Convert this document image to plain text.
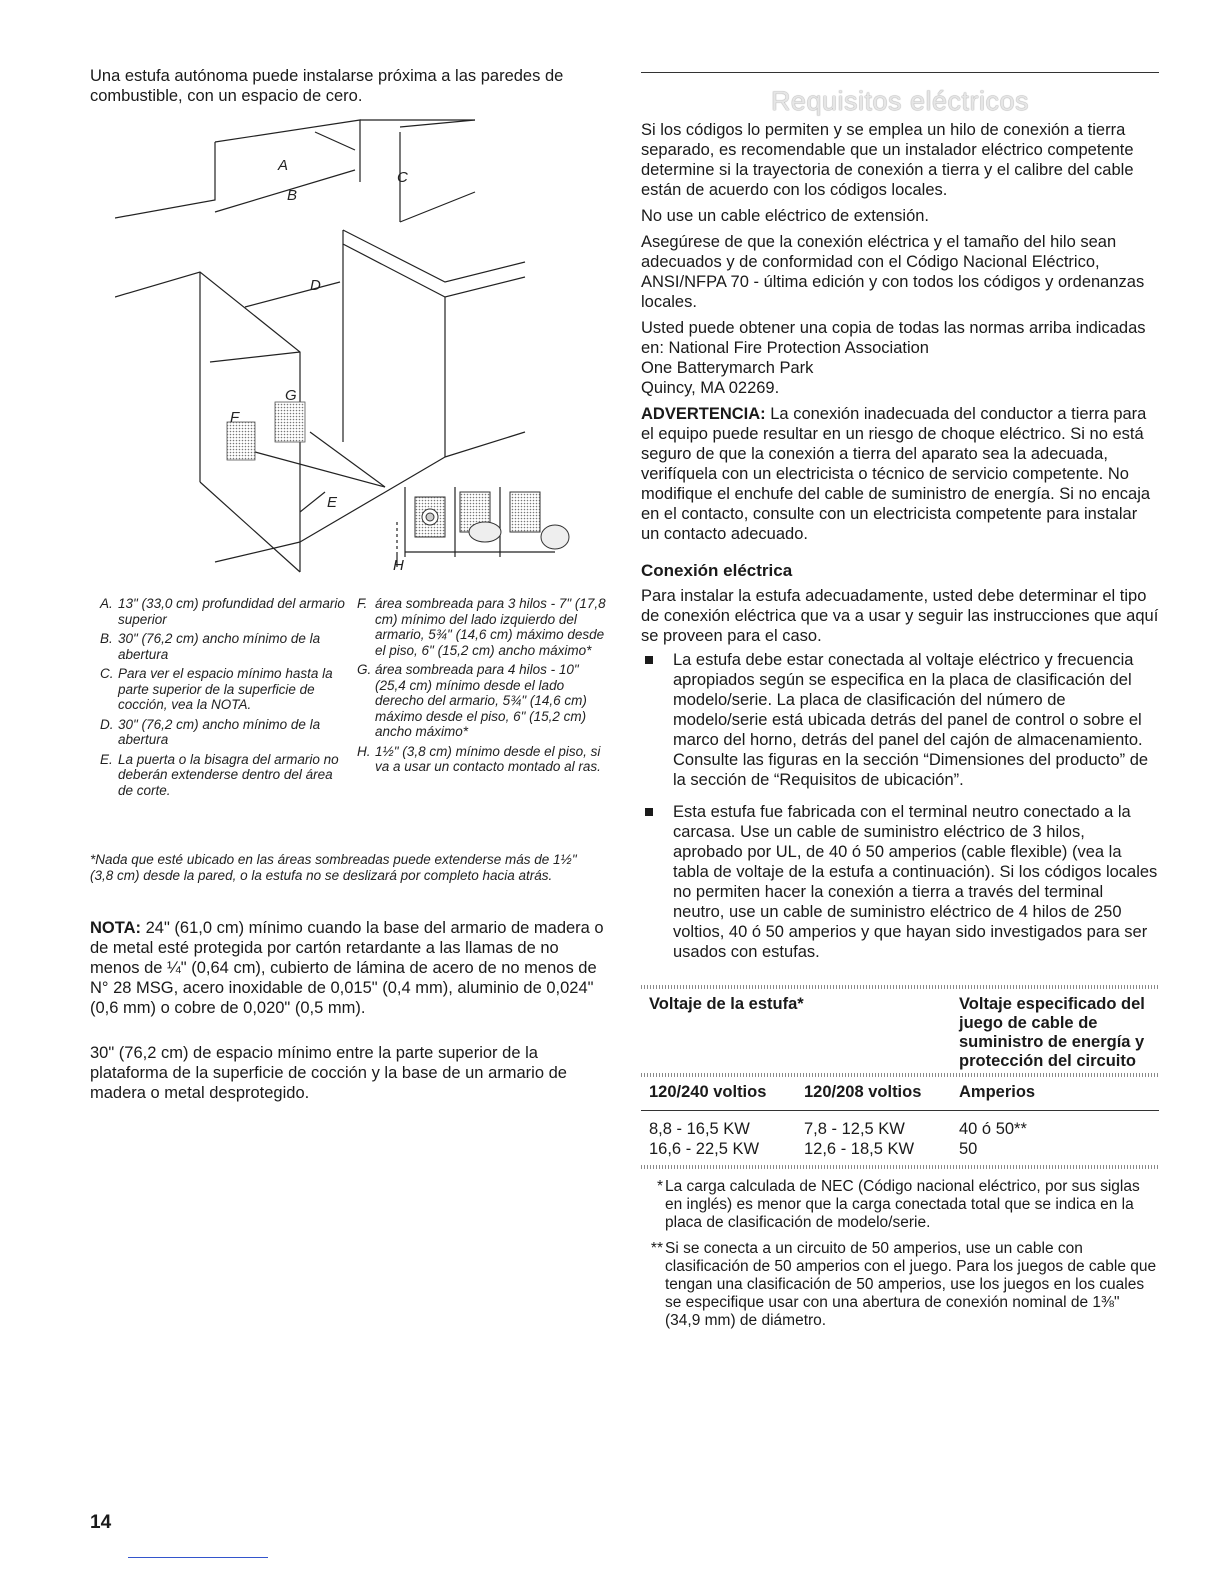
Una estufa autónoma puede instalarse próxima a las paredes de combustible, con un espacio de cero.
A
B
C
D
E
F
G
H
A. 13" (33,0 cm) profundidad del armario superior
B. 30" (76,2 cm) ancho mínimo de la abertura
C. Para ver el espacio mínimo hasta la parte superior de la superficie de cocción, vea la NOTA.
D. 30" (76,2 cm) ancho mínimo de la abertura
E. La puerta o la bisagra del armario no deberán extenderse dentro del área de corte.
F. área sombreada para 3 hilos - 7" (17,8 cm) mínimo del lado izquierdo del armario, 5¾" (14,6 cm) máximo desde el piso, 6" (15,2 cm) ancho máximo*
G. área sombreada para 4 hilos - 10" (25,4 cm) mínimo desde el lado derecho del armario, 5¾" (14,6 cm) máximo desde el piso, 6" (15,2 cm) ancho máximo*
H. 1½" (3,8 cm) mínimo desde el piso, si va a usar un contacto montado al ras.
*Nada que esté ubicado en las áreas sombreadas puede extenderse más de 1½" (3,8 cm) desde la pared, o la estufa no se deslizará por completo hacia atrás.
NOTA: 24" (61,0 cm) mínimo cuando la base del armario de madera o de metal esté protegida por cartón retardante a las llamas de no menos de ¼" (0,64 cm), cubierto de lámina de acero de no menos de N° 28 MSG, acero inoxidable de 0,015" (0,4 mm), aluminio de 0,024" (0,6 mm) o cobre de 0,020" (0,5 mm).
30" (76,2 cm) de espacio mínimo entre la parte superior de la plataforma de la superficie de cocción y la base de un armario de madera o metal desprotegido.
Requisitos eléctricos

Si los códigos lo permiten y se emplea un hilo de conexión a tierra separado, es recomendable que un instalador eléctrico competente determine si la trayectoria de conexión a tierra y el calibre del cable están de acuerdo con los códigos locales.

No use un cable eléctrico de extensión.

Asegúrese de que la conexión eléctrica y el tamaño del hilo sean adecuados y de conformidad con el Código Nacional Eléctrico, ANSI/NFPA 70 - última edición y con todos los códigos y ordenanzas locales.

Usted puede obtener una copia de todas las normas arriba indicadas en: National Fire Protection Association
One Batterymarch Park
Quincy, MA 02269.

ADVERTENCIA: La conexión inadecuada del conductor a tierra para el equipo puede resultar en un riesgo de choque eléctrico. Si no está seguro de que la conexión a tierra del aparato sea la adecuada, verifíquela con un electricista o técnico de servicio competente. No modifique el enchufe del cable de suministro de energía. Si no encaja en el contacto, consulte con un electricista competente para instalar un contacto adecuado.

Conexión eléctrica
Para instalar la estufa adecuadamente, usted debe determinar el tipo de conexión eléctrica que va a usar y seguir las instrucciones que aquí se proveen para el caso.
La estufa debe estar conectada al voltaje eléctrico y frecuencia apropiados según se especifica en la placa de clasificación del modelo/serie. La placa de clasificación del número de modelo/serie está ubicada detrás del panel de control o sobre el marco del horno, detrás del panel del cajón de almacenamiento. Consulte las figuras en la sección “Dimensiones del producto” de la sección de “Requisitos de ubicación”.
Esta estufa fue fabricada con el terminal neutro conectado a la carcasa. Use un cable de suministro eléctrico de 3 hilos, aprobado por UL, de 40 ó 50 amperios (cable flexible) (vea la tabla de voltaje de la estufa a continuación). Si los códigos locales no permiten hacer la conexión a tierra a través del terminal neutro, use un cable de suministro eléctrico de 4 hilos de 250 voltios, 40 ó 50 amperios y que hayan sido investigados para ser usados con estufas.
Voltaje de la estufa*	Voltaje especificado del juego de cable de suministro de energía y protección del circuito
120/240 voltios	120/208 voltios	Amperios
8,8 - 16,5 KW	7,8 - 12,5 KW	40 ó 50**
16,6 - 22,5 KW	12,6 - 18,5 KW	50
* La carga calculada de NEC (Código nacional eléctrico, por sus siglas en inglés) es menor que la carga conectada total que se indica en la placa de clasificación de modelo/serie.
** Si se conecta a un circuito de 50 amperios, use un cable con clasificación de 50 amperios con el juego. Para los juegos de cable que tengan una clasificación de 50 amperios, use los juegos en los cuales se especifique usar con una abertura de conexión nominal de 1⅜" (34,9 mm) de diámetro.
14
